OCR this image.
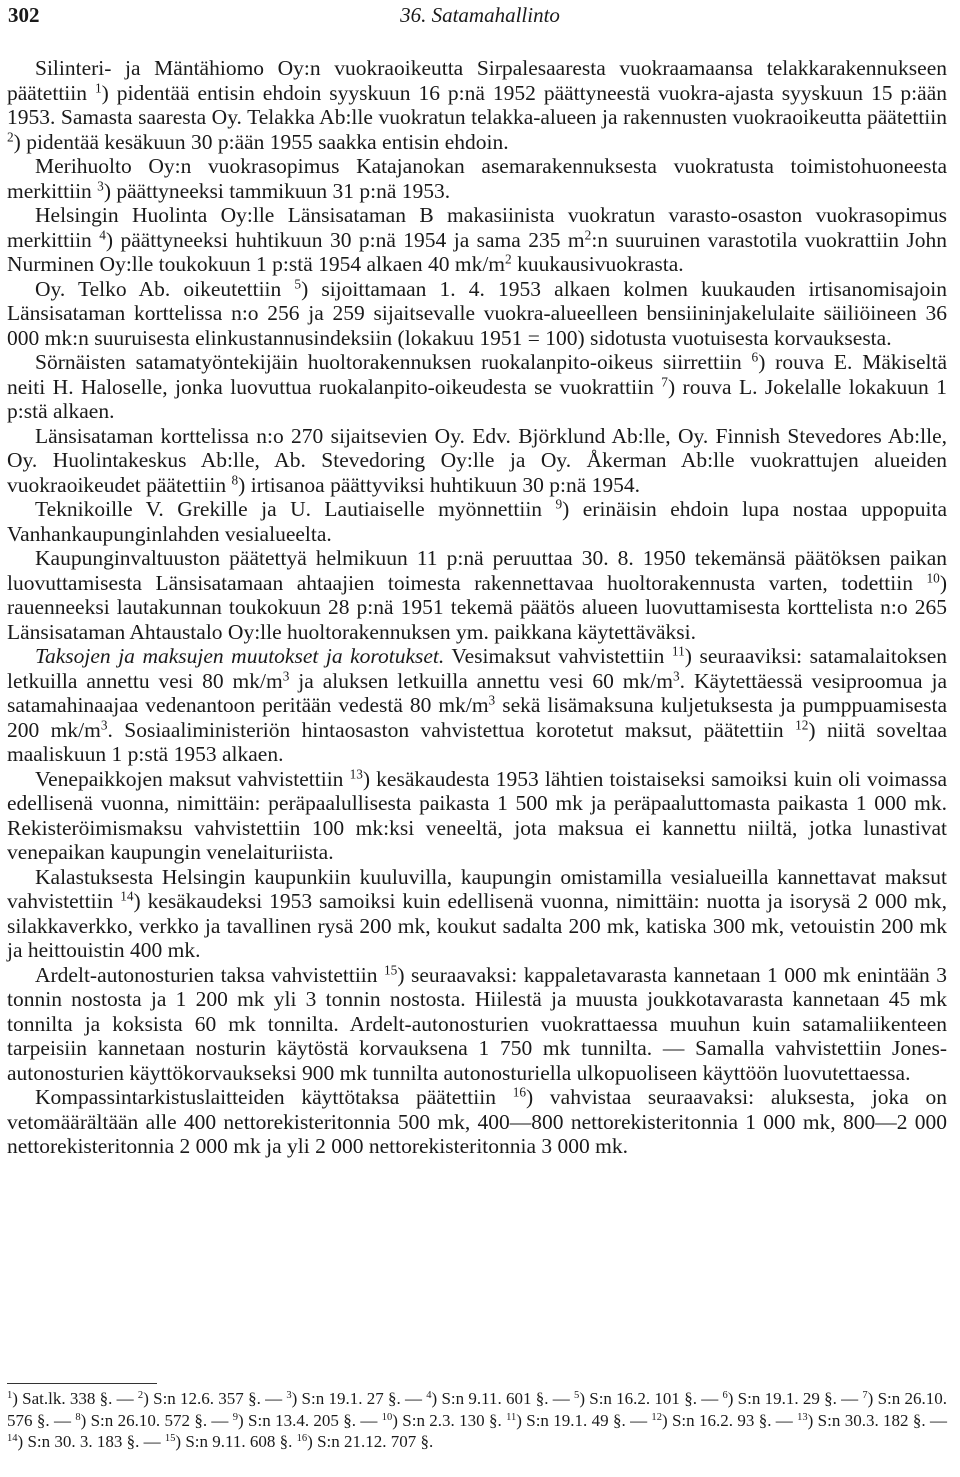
302	36. Satamahallinto

Silinteri- ja Mäntähiomo Oy:n vuokraoikeutta Sirpalesaaresta vuokraamaansa telakkarakennukseen päätettiin $^1$) pidentää entisin ehdoin syyskuun 16 p:nä 1952 päättyneestä vuokra-ajasta syyskuun 15 p:ään 1953. Samasta saaresta Oy. Telakka Ab:lle vuokratun telakka-alueen ja rakennusten vuokraoikeutta päätettiin $^2$) pidentää kesäkuun 30 p:ään 1955 saakka entisin ehdoin.

Merihuolto Oy:n vuokrasopimus Katajanokan asemarakennuksesta vuokratusta toimistohuoneesta merkittiin $^3$) päättyneeksi tammikuun 31 p:nä 1953.

Helsingin Huolinta Oy:lle Länsisataman B makasiinista vuokratun varasto-osaston vuokrasopimus merkittiin $^4$) päättyneeksi huhtikuun 30 p:nä 1954 ja sama 235 $m^2:n$ suuruinen varastotila vuokrattiin John Nurminen Oy:lle toukokuun 1 p:stä 1954 alkaen 40 $mk/m^2$ kuukausivuokrasta.

Oy. Telko Ab. oikeutettiin $^5$) sijoittamaan 1. 4. 1953 alkaen kolmen kuukauden irtisanomisajoin Länsisataman korttelissa n:o 256 ja 259 sijaitsevalle vuokra-alueelleen bensiininjakelulaite säiliöineen 36 000 mk:n suuruisesta elinkustannusindeksiin (lokakuu 1951 = 100) sidotusta vuotuisesta korvauksesta.

Sörnäisten satamatyöntekijäin huoltorakennuksen ruokalanpito-oikeus siirrettiin $^6$) rouva E. Mäkiseltä neiti H. Haloselle, jonka luovuttua ruokalanpito-oikeudesta se vuokrattiin $^7$) rouva L. Jokelalle lokakuun 1 p:stä alkaen.

Länsisataman korttelissa n:o 270 sijaitsevien Oy. Edv. Björklund Ab:lle, Oy. Finnish Stevedores Ab:lle, Oy. Huolintakeskus Ab:lle, Ab. Stevedoring Oy:lle ja Oy. Åkerman Ab:lle vuokrattujen alueiden vuokraoikeudet päätettiin $^8$) irtisanoa päättyviksi huhtikuun 30 p:nä 1954.

Teknikoille V. Grekille ja U. Lautiaiselle myönnettiin $^9$) erinäisin ehdoin lupa nostaa uppopuita Vanhankaupunginlahden vesialueelta.

Kaupunginvaltuuston päätettyä helmikuun 11 p:nä peruuttaa 30. 8. 1950 tekemänsä päätöksen paikan luovuttamisesta Länsisatamaan ahtaajien toimesta rakennettavaa huoltorakennusta varten, todettiin $^{10}$) rauenneeksi lautakunnan toukokuun 28 p:nä 1951 tekemä päätös alueen luovuttamisesta korttelista n:o 265 Länsisataman Ahtaustalo Oy:lle huoltorakennuksen ym. paikkana käytettäväksi.

Taksojen ja maksujen muutokset ja korotukset. Vesimaksut vahvistettiin $^{11}$) seuraaviksi: satamalaitoksen letkuilla annettu vesi 80 $mk/m^3$ ja aluksen letkuilla annettu vesi 60 $mk/m^3$. Käytettäessä vesiproomua ja satamahinaajaa vedenantoon peritään vedestä 80 $mk/m^3$ sekä lisämaksuna kuljetuksesta ja pumppuamisesta 200 $mk/m^3$. Sosiaaliministeriön hintaosaston vahvistettua korotetut maksut, päätettiin $^{12}$) niitä soveltaa maaliskuun 1 p:stä 1953 alkaen.

Venepaikkojen maksut vahvistettiin $^{13}$) kesäkaudesta 1953 lähtien toistaiseksi samoiksi kuin oli voimassa edellisenä vuonna, nimittäin: peräpaalullisesta paikasta 1 500 mk ja peräpaaluttomasta paikasta 1 000 mk. Rekisteröimismaksu vahvistettiin 100 mk:ksi veneeltä, jota maksua ei kannettu niiltä, jotka lunastivat venepaikan kaupungin venelaituriista.

Kalastuksesta Helsingin kaupunkiin kuuluvilla, kaupungin omistamilla vesialueilla kannettavat maksut vahvistettiin $^{14}$) kesäkaudeksi 1953 samoiksi kuin edellisenä vuonna, nimittäin: nuotta ja isorysä 2 000 mk, silakkaverkko, verkko ja tavallinen rysä 200 mk, koukut sadalta 200 mk, katiska 300 mk, vetouistin 200 mk ja heittouistin 400 mk.

Ardelt-autonosturien taksa vahvistettiin $^{15}$) seuraavaksi: kappaletavarasta kannetaan 1 000 mk enintään 3 tonnin nostosta ja 1 200 mk yli 3 tonnin nostosta. Hiilestä ja muusta joukkotavarasta kannetaan 45 mk tonnilta ja koksista 60 mk tonnilta. Ardelt-autonosturien vuokrattaessa muuhun kuin satamaliikenteen tarpeisiin kannetaan nosturin käytöstä korvauksena 1 750 mk tunnilta. — Samalla vahvistettiin Jones-autonosturien käyttökorvaukseksi 900 mk tunnilta autonosturiella ulkopuoliseen käyttöön luovutettaessa.

Kompassintarkistuslaitteiden käyttötaksa päätettiin $^{16}$) vahvistaa seuraavaksi: aluksesta, joka on vetomäärältään alle 400 nettorekisteritonnia 500 mk, 400—800 nettorekisteritonnia 1 000 mk, 800—2 000 nettorekisteritonnia 2 000 mk ja yli 2 000 nettorekisteritonnia 3 000 mk.

$^1$) Sat.lk. 338 §. — $^2$) S:n 12.6. 357 §. — $^3$) S:n 19.1. 27 §. — $^4$) S:n 9.11. 601 §. — $^5$) S:n 16.2. 101 §. — $^6$) S:n 19.1. 29 §. — $^7$) S:n 26.10. 576 §. — $^8$) S:n 26.10. 572 §. — $^9$) S:n 13.4. 205 §. — $^{10}$) S:n 2.3. 130 §. $^{11}$) S:n 19.1. 49 §. — $^{12}$) S:n 16.2. 93 §. — $^{13}$) S:n 30.3. 182 §. — $^{14}$) S:n 30. 3. 183 §. — $^{15}$) S:n 9.11. 608 §. $^{16}$) S:n 21.12. 707 §.
